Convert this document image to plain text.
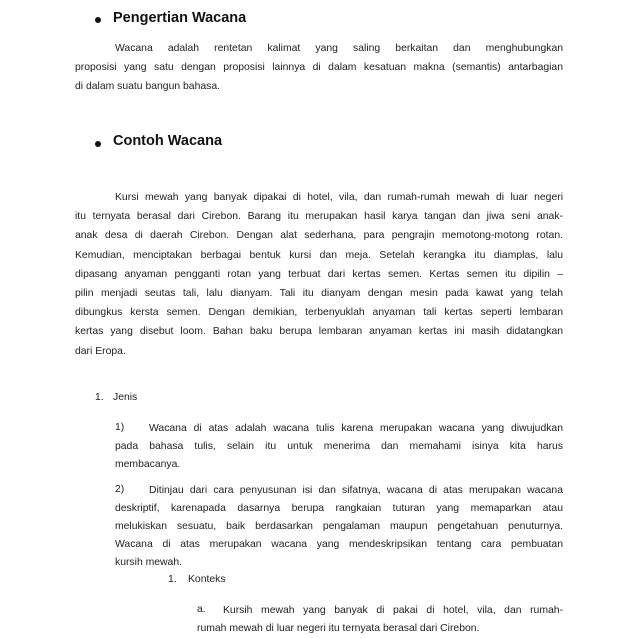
Pengertian Wacana
Wacana adalah rentetan kalimat yang saling berkaitan dan menghubungkan
proposisi yang satu dengan proposisi lainnya di dalam kesatuan makna (semantis) antarbagian
di dalam suatu bangun bahasa.
Contoh Wacana
Kursi mewah yang banyak dipakai di hotel, vila, dan rumah-rumah mewah di luar negeri
itu ternyata berasal dari Cirebon. Barang itu merupakan hasil karya tangan dan jiwa seni anak-
anak desa di daerah Cirebon. Dengan alat sederhana, para pengrajin memotong-motong rotan.
Kemudian, menciptakan berbagai bentuk kursi dan meja. Setelah kerangka itu diamplas, lalu
dipasang anyaman pengganti rotan yang terbuat dari kertas semen. Kertas semen itu dipilin –
pilin menjadi seutas tali, lalu dianyam. Tali itu dianyam dengan mesin pada kawat yang telah
dibungkus kersta semen. Dengan demikian, terbenyuklah anyaman tali kertas seperti lembaran
kertas yang disebut loom. Bahan baku berupa lembaran anyaman kertas ini masih didatangkan
dari Eropa.
1. Jenis
1) Wacana di atas adalah wacana tulis karena merupakan wacana yang diwujudkan
pada bahasa tulis, selain itu untuk menerima dan memahami isinya kita harus
membacanya.
2) Ditinjau dari cara penyusunan isi dan sifatnya, wacana di atas merupakan wacana
deskriptif, karenapada dasarnya berupa rangkaian tuturan yang memaparkan atau
melukiskan sesuatu, baik berdasarkan pengalaman maupun pengetahuan penuturnya.
Wacana di atas merupakan wacana yang mendeskripsikan tentang cara pembuatan
kursih mewah.
1. Konteks
a. Kursih mewah yang banyak di pakai di hotel, vila, dan rumah-
rumah mewah di luar negeri itu ternyata berasal dari Cirebon.
